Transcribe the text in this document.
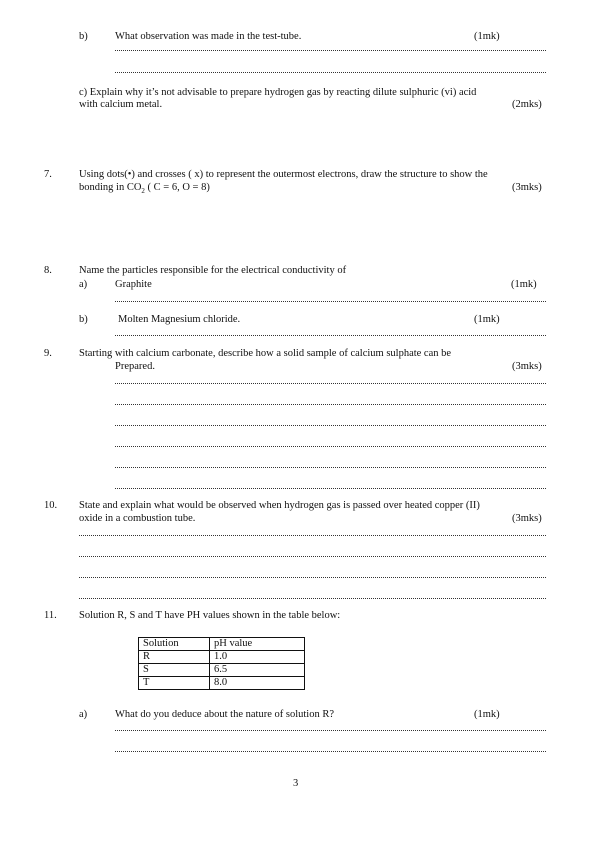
b)	What observation was made in the test-tube.	(1mk)
c) Explain why it’s not advisable to prepare hydrogen gas by reacting dilute sulphuric (vi) acid
with calcium metal.	(2mks)
7.	Using dots(•) and crosses ( x) to represent the outermost electrons, draw the structure to show the
bonding in $CO_2$ ( C = 6, O = 8)	(3mks)
8.	Name the particles responsible for the electrical conductivity of
a)	Graphite	(1mk)
b)	Molten Magnesium chloride.	(1mk)
9.	Starting with calcium carbonate, describe how a solid sample of calcium sulphate can be
Prepared.	(3mks)
10. State and explain what would be observed when hydrogen gas is passed over heated copper (II)
oxide in a combustion tube.	(3mks)
11. Solution R, S and T have PH values shown in the table below:
Solution	pH value
R	1.0
S	6.5
T	8.0
a)	What do you deduce about the nature of solution R?	(1mk)
3
